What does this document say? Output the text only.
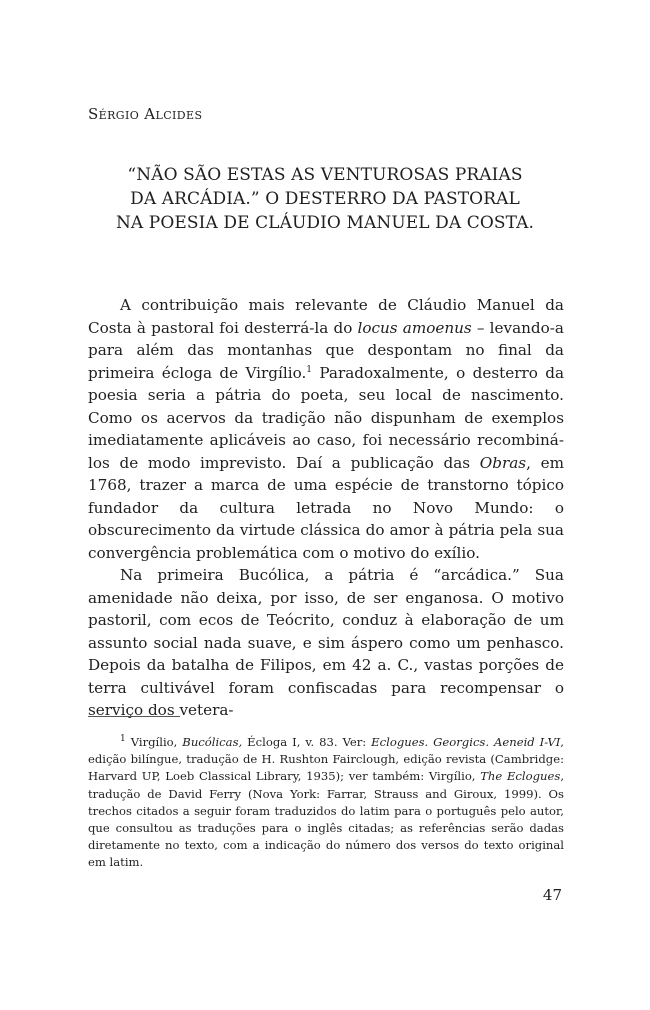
Sérgio Alcides
“NÃO SÃO ESTAS AS VENTUROSAS PRAIAS
DA ARCÁDIA.” O DESTERRO DA PASTORAL
NA POESIA DE CLÁUDIO MANUEL DA COSTA.

A contribuição mais relevante de Cláudio Manuel da Costa à pastoral foi desterrá-la do locus amoenus – levando-a para além das montanhas que despontam no final da primeira écloga de Virgílio.$^1$ Paradoxalmente, o desterro da poesia seria a pátria do poeta, seu local de nascimento. Como os acervos da tradição não dispunham de exemplos imediatamente aplicáveis ao caso, foi necessário recombiná-los de modo imprevisto. Daí a publicação das Obras, em 1768, trazer a marca de uma espécie de transtorno tópico fundador da cultura letrada no Novo Mundo: o obscurecimento da virtude clássica do amor à pátria pela sua convergência problemática com o motivo do exílio.

Na primeira Bucólica, a pátria é “arcádica.” Sua amenidade não deixa, por isso, de ser enganosa. O motivo pastoril, com ecos de Teócrito, conduz à elaboração de um assunto social nada suave, e sim áspero como um penhasco. Depois da batalha de Filipos, em 42 a. C., vastas porções de terra cultivável foram confiscadas para recompensar o serviço dos vetera-

$^1$ Virgílio, Bucólicas, Écloga I, v. 83. Ver: Eclogues. Georgics. Aeneid I-VI, edição bilíngue, tradução de H. Rushton Fairclough, edição revista (Cambridge: Harvard UP, Loeb Classical Library, 1935); ver também: Virgílio, The Eclogues, tradução de David Ferry (Nova York: Farrar, Strauss and Giroux, 1999). Os trechos citados a seguir foram traduzidos do latim para o português pelo autor, que consultou as traduções para o inglês citadas; as referências serão dadas diretamente no texto, com a indicação do número dos versos do texto original em latim.

47
